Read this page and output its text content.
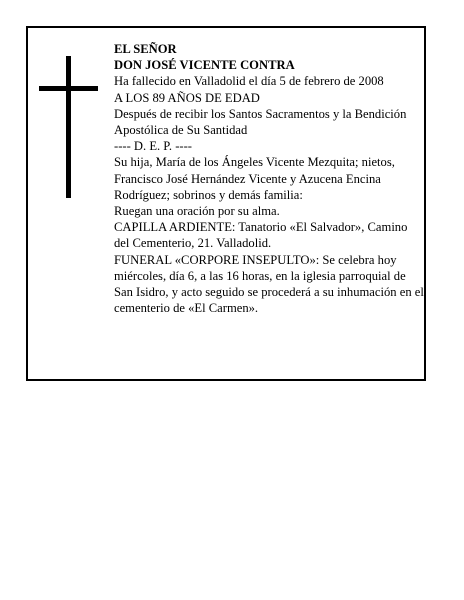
EL SEÑOR

DON JOSÉ VICENTE CONTRA

Ha fallecido en Valladolid el día 5 de febrero de 2008

A LOS 89 AÑOS DE EDAD

Después de recibir los Santos Sacramentos y la Bendición Apostólica de Su Santidad

---- D. E. P. ----

Su hija, María de los Ángeles Vicente Mezquita; nietos, Francisco José Hernández Vicente y Azucena Encina Rodríguez; sobrinos y demás familia:

Ruegan una oración por su alma.

CAPILLA ARDIENTE: Tanatorio «El Salvador», Camino del Cementerio, 21. Valladolid.

FUNERAL «CORPORE INSEPULTO»: Se celebra hoy miércoles, día 6, a las 16 horas, en la iglesia parroquial de San Isidro, y acto seguido se procederá a su inhumación en el cementerio de «El Carmen».
